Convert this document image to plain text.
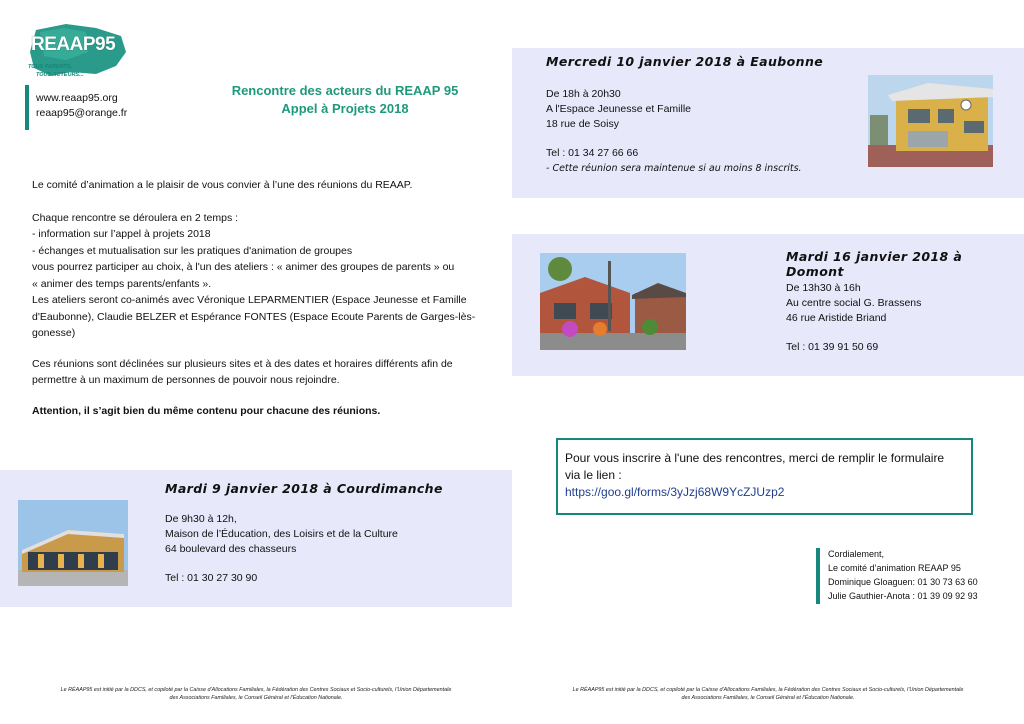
REAAP95
TOUS PARENTS,
TOUS ACTEURS...
www.reaap95.org
reaap95@orange.fr
Rencontre des acteurs du REAAP 95
Appel à Projets 2018
Le comité d’animation a le plaisir de vous convier à l’une des réunions du REAAP.
Chaque rencontre se déroulera en 2 temps :
- information sur l’appel à projets 2018
- échanges et mutualisation sur les pratiques d'animation de groupes
vous pourrez participer au choix, à l'un des ateliers : « animer des groupes de parents » ou
« animer des temps parents/enfants ».
Les ateliers seront co-animés avec Véronique LEPARMENTIER (Espace Jeunesse et Famille
d'Eaubonne), Claudie BELZER et Espérance FONTES (Espace Ecoute Parents de Garges-lès-
gonesse)
Ces réunions sont déclinées sur plusieurs sites et à des dates et horaires différents afin de
permettre à un maximum de personnes de pouvoir nous rejoindre.
Attention, il s’agit bien du même contenu pour chacune des réunions.
Mercredi 10 janvier 2018 à Eaubonne
De 18h à 20h30
A l'Espace Jeunesse et Famille
18 rue de Soisy
Tel : 01 34 27 66 66
- Cette réunion sera maintenue si au moins 8 inscrits.
Mardi 16 janvier 2018 à Domont
De 13h30 à 16h
Au centre social G. Brassens
46 rue Aristide Briand
Tel : 01 39 91 50 69
Mardi 9 janvier 2018 à Courdimanche
De 9h30 à 12h,
Maison de l’Éducation, des Loisirs et de la Culture
64 boulevard des chasseurs
Tel : 01 30 27 30 90
Pour vous inscrire à l'une des rencontres, merci de remplir le formulaire
via le lien :
https://goo.gl/forms/3yJzj68W9YcZJUzp2
Cordialement,
Le comité d’animation REAAP 95
Dominique Gloaguen: 01 30 73 63 60
Julie Gauthier-Anota : 01 39 09 92 93
Le RÉAAP95 est initié par la DDCS, et copiloté par la Caisse d’Allocations Familiales, la Fédération des Centres Sociaux et Socio-culturels, l’Union Départementale
des Associations Familiales, le Conseil Général et l’Éducation Nationale.
Le RÉAAP95 est initié par la DDCS, et copiloté par la Caisse d’Allocations Familiales, la Fédération des Centres Sociaux et Socio-culturels, l’Union Départementale
des Associations Familiales, le Conseil Général et l’Éducation Nationale.
